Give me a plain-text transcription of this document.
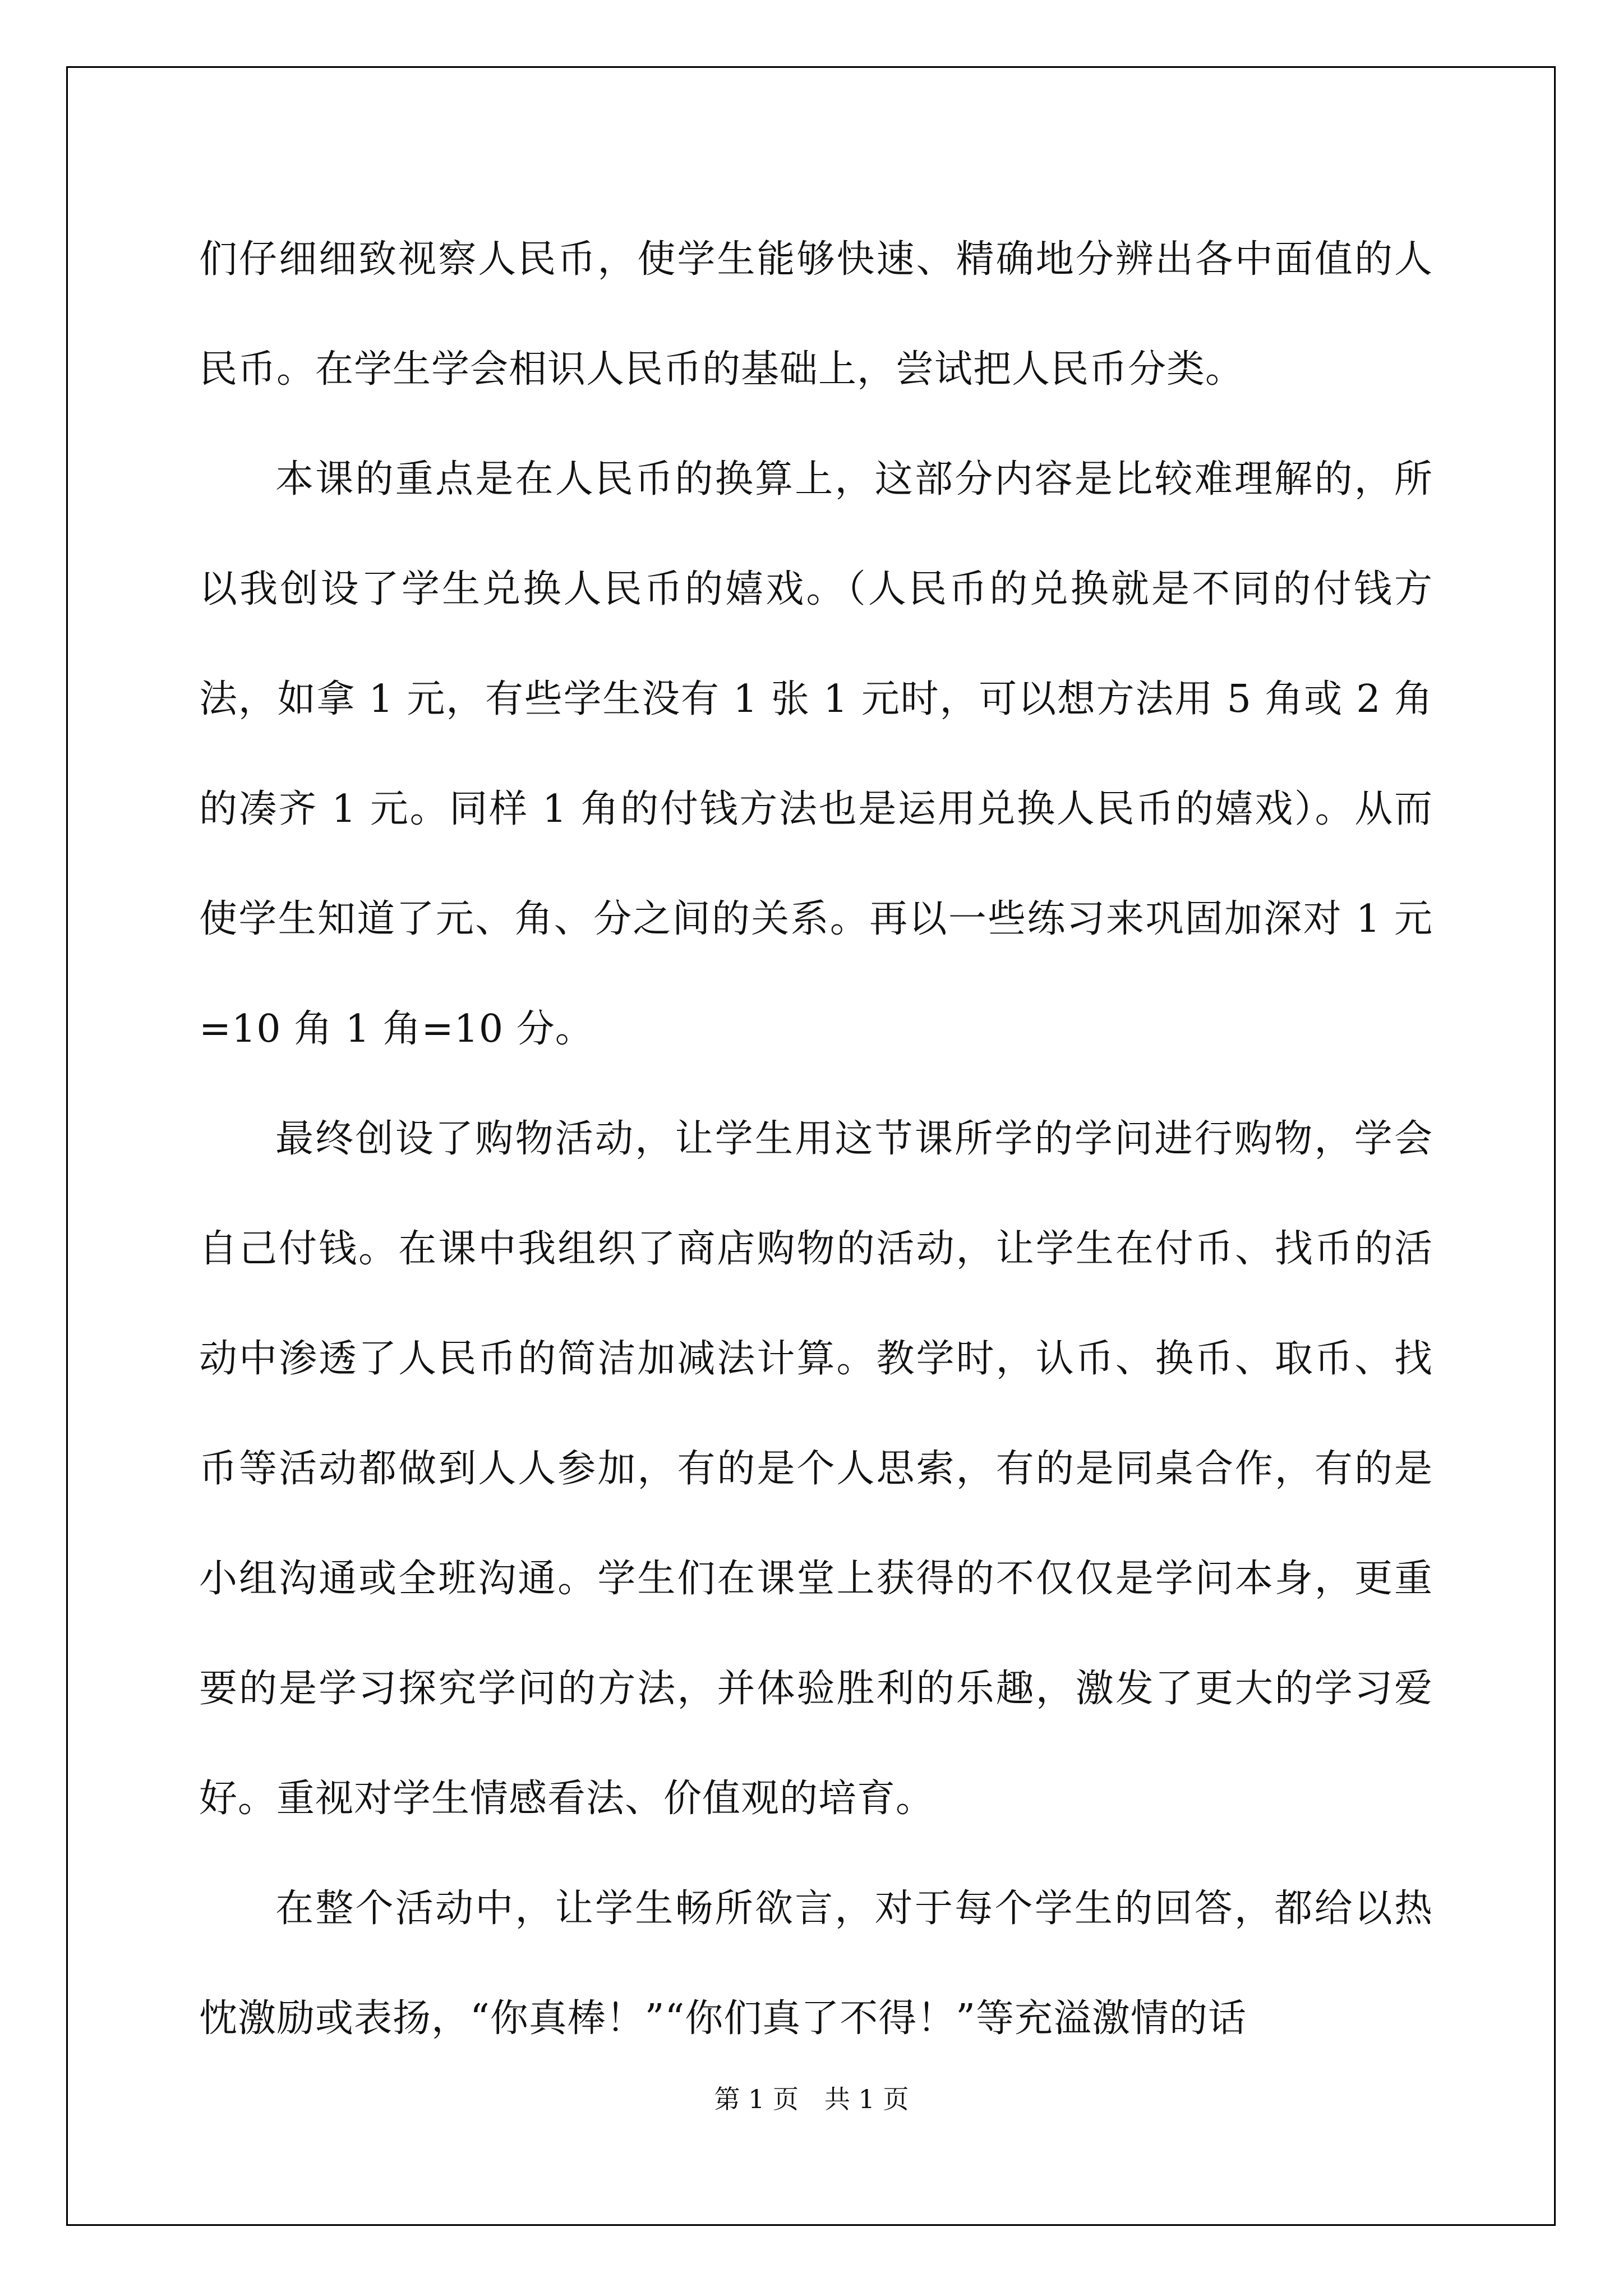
们仔细细致视察人民币，使学生能够快速、精确地分辨出各中面值的人民币。在学生学会相识人民币的基础上，尝试把人民币分类。

本课的重点是在人民币的换算上，这部分内容是比较难理解的，所以我创设了学生兑换人民币的嬉戏。（人民币的兑换就是不同的付钱方法，如拿 1 元，有些学生没有 1 张 1 元时，可以想方法用 5 角或 2 角的凑齐 1 元。同样 1 角的付钱方法也是运用兑换人民币的嬉戏）。从而使学生知道了元、角、分之间的关系。再以一些练习来巩固加深对 1 元=10 角 1 角=10 分。

最终创设了购物活动，让学生用这节课所学的学问进行购物，学会自己付钱。在课中我组织了商店购物的活动，让学生在付币、找币的活动中渗透了人民币的简洁加减法计算。教学时，认币、换币、取币、找币等活动都做到人人参加，有的是个人思索，有的是同桌合作，有的是小组沟通或全班沟通。学生们在课堂上获得的不仅仅是学问本身，更重要的是学习探究学问的方法，并体验胜利的乐趣，激发了更大的学习爱好。重视对学生情感看法、价值观的培育。

在整个活动中，让学生畅所欲言，对于每个学生的回答，都给以热忱激励或表扬，“你真棒！”“你们真了不得！”等充溢激情的话

第 1 页　共 1 页
